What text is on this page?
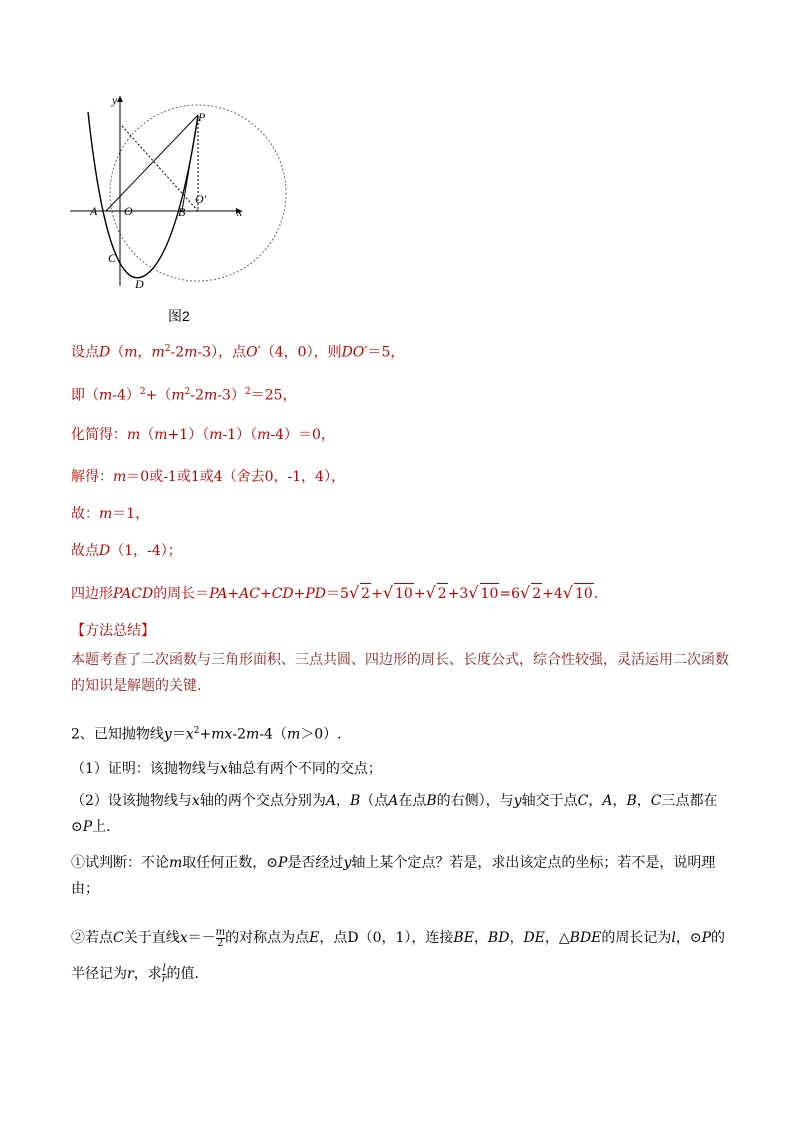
y
P
O′
A O	B	x
C
D
图2
设点D（m，$m^2-2m-3$），点O′（4，0），则DO′＝5，
即$(m-4)^2+(m^2-2m-3)^2=25$，
化简得：m（m+1）（m-1）（m-4）＝0，
解得：m＝0或-1或1或4（舍去0，-1，4），
故：m＝1，
故点D（1，-4）；
四边形PACD的周长＝PA+AC+CD+PD＝5√ 2+√ 10+√ 2+3√ 10=6√ 2+4√ 10．
【方法总结】
本题考查了二次函数与三角形面积、三点共圆、四边形的周长、长度公式，综合性较强，灵活运用二次函数的知识是解题的关键.
2、已知抛物线$y=x^2+mx-2m-4(m>0)$.
（1）证明：该抛物线与x轴总有两个不同的交点；
（2）设该抛物线与x轴的两个交点分别为A，B（点A在点B的右侧），与y轴交于点C，A，B，C三点都在⊙P上．
①试判断：不论m取任何正数，⊙P是否经过y轴上某个定点？若是，求出该定点的坐标；若不是，说明理由；
②若点C关于直线$x=- \frac{m}{2}$ 的对称点为点E，点D（0，1），连接BE，BD，DE，△BDE的周长记为l，⊙P的半径记为r，求 $\frac{l}{r}$ 的值．
